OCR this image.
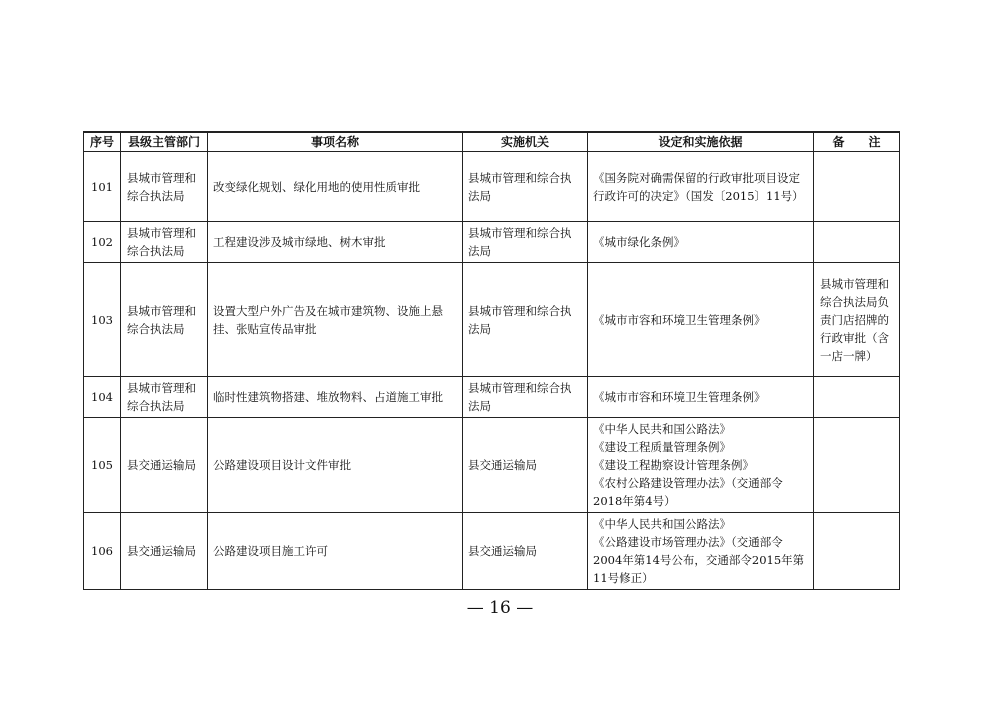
序号	县级主管部门	事项名称	实施机关	设定和实施依据	备　　注
101	县城市管理和综合执法局	改变绿化规划、绿化用地的使用性质审批	县城市管理和综合执法局	《国务院对确需保留的行政审批项目设定行政许可的决定》（国发〔2015〕11号）	

102	县城市管理和综合执法局	工程建设涉及城市绿地、树木审批	县城市管理和综合执法局	《城市绿化条例》	

103	县城市管理和综合执法局	设置大型户外广告及在城市建筑物、设施上悬挂、张贴宣传品审批	县城市管理和综合执法局	《城市市容和环境卫生管理条例》	县城市管理和综合执法局负责门店招牌的行政审批（含一店一牌）
104	县城市管理和综合执法局	临时性建筑物搭建、堆放物料、占道施工审批	县城市管理和综合执法局	《城市市容和环境卫生管理条例》	

105	县交通运输局	公路建设项目设计文件审批	县交通运输局	《中华人民共和国公路法》
《建设工程质量管理条例》
《建设工程勘察设计管理条例》
《农村公路建设管理办法》（交通部令2018年第4号）	

106	县交通运输局	公路建设项目施工许可	县交通运输局	《中华人民共和国公路法》
《公路建设市场管理办法》（交通部令2004年第14号公布，交通部令2015年第11号修正）	

— 16 —
